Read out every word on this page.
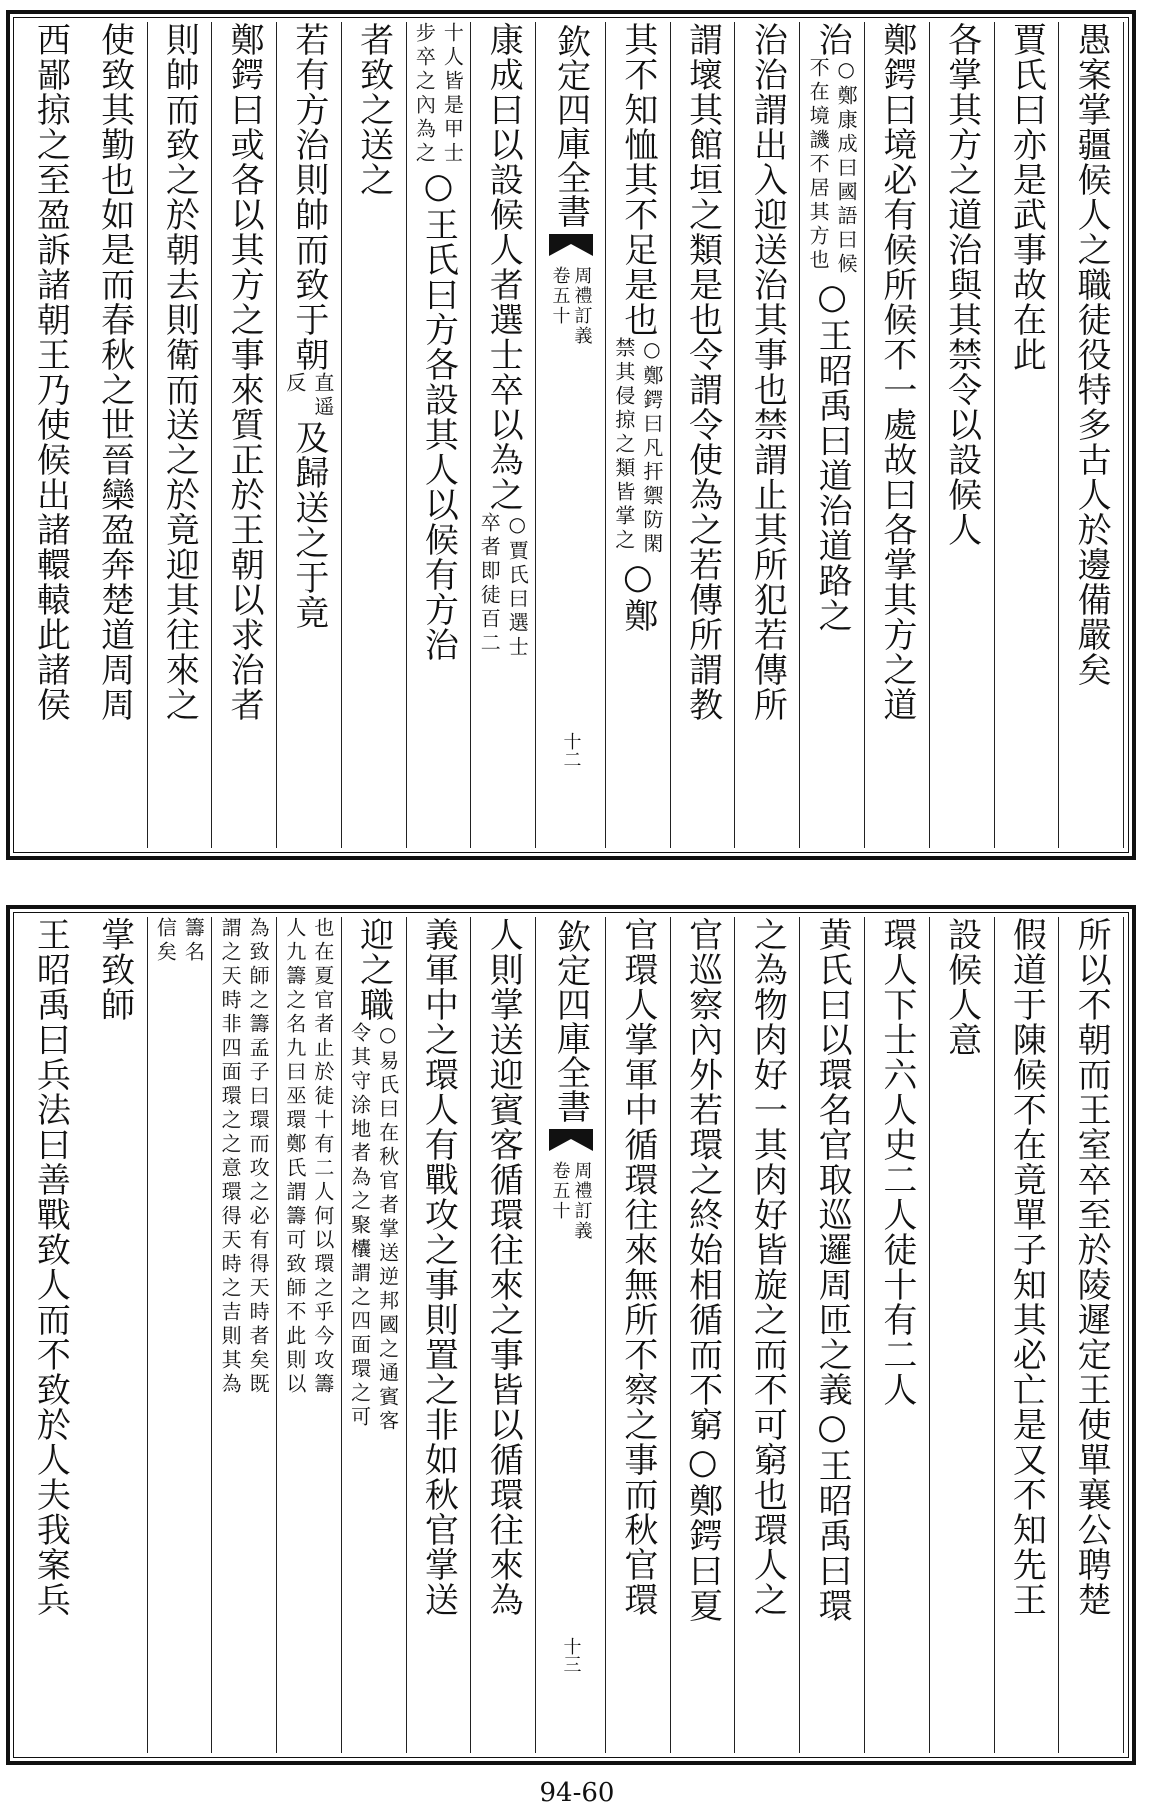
愚案掌疆候人之職徒役特多古人於邊備嚴矣
賈氏曰亦是武事故在此
各掌其方之道治與其禁令以設候人
鄭鍔曰境必有候所候不一處故曰各掌其方之道
治
○鄭康成曰國語曰候
不在境譏不居其方也
○王昭禹曰道治道路之
治治謂出入迎送治其事也禁謂止其所犯若傳所
謂壞其館垣之類是也令謂令使為之若傳所謂教
其不知恤其不足是也
○鄭鍔曰凡扞禦防閑
禁其侵掠之類皆掌之
○鄭
欽定四庫全書
周禮訂義
卷五十
十二
康成曰以設候人者選士卒以為之
○賈氏曰選士
卒者即徒百二
十人皆是甲士
步卒之內為之
○王氏曰方各設其人以候有方治
者致之送之
若有方治則帥而致于朝
直遥
反
及歸送之于竟
鄭鍔曰或各以其方之事來質正於王朝以求治者
則帥而致之於朝去則衛而送之於竟迎其往來之
使致其勤也如是而春秋之世晉欒盈奔楚道周周
西鄙掠之至盈訴諸朝王乃使候出諸轘轅此諸侯
所以不朝而王室卒至於陵遲定王使單襄公聘楚
假道于陳候不在竟單子知其必亡是又不知先王
設候人意
環人下士六人史二人徒十有二人
黄氏曰以環名官取巡邏周匝之義○王昭禹曰環
之為物肉好一其肉好皆旋之而不可窮也環人之
官巡察內外若環之終始相循而不窮○鄭鍔曰夏
官環人掌軍中循環往來無所不察之事而秋官環
欽定四庫全書
周禮訂義
卷五十
十三
人則掌送迎賓客循環往來之事皆以循環往來為
義軍中之環人有戰攻之事則置之非如秋官掌送
迎之職
○易氏曰在秋官者掌送逆邦國之通賓客
令其守涂地者為之聚欜謂之四面環之可
也在夏官者止於徒十有二人何以環之乎今攻籌
人九籌之名九曰巫環鄭氏謂籌可致師不此則以
為致師之籌孟子曰環而攻之必有得天時者矣既
謂之天時非四面環之之意環得天時之吉則其為
籌名
信矣
掌致師
王昭禹曰兵法曰善戰致人而不致於人夫我案兵
94-60
